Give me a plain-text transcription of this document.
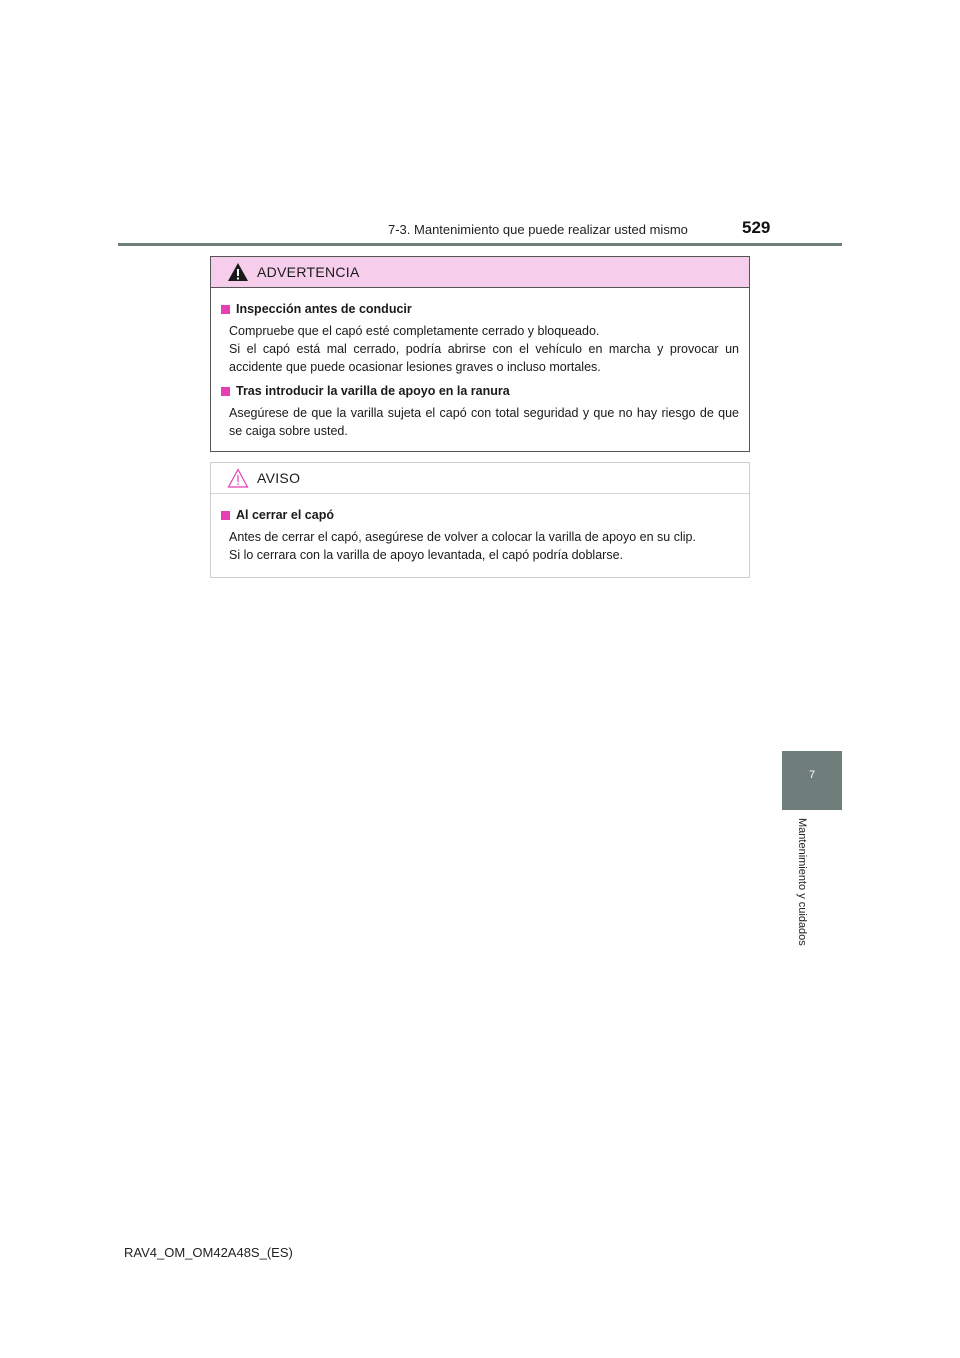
7-3. Mantenimiento que puede realizar usted mismo	529
7
Mantenimiento y cuidados
ADVERTENCIA
Inspección antes de conducir
Compruebe que el capó esté completamente cerrado y bloqueado.
Si el capó está mal cerrado, podría abrirse con el vehículo en marcha y provocar un accidente que puede ocasionar lesiones graves o incluso mortales.
Tras introducir la varilla de apoyo en la ranura
Asegúrese de que la varilla sujeta el capó con total seguridad y que no hay riesgo de que se caiga sobre usted.
AVISO
Al cerrar el capó
Antes de cerrar el capó, asegúrese de volver a colocar la varilla de apoyo en su clip.
Si lo cerrara con la varilla de apoyo levantada, el capó podría doblarse.
RAV4_OM_OM42A48S_(ES)
